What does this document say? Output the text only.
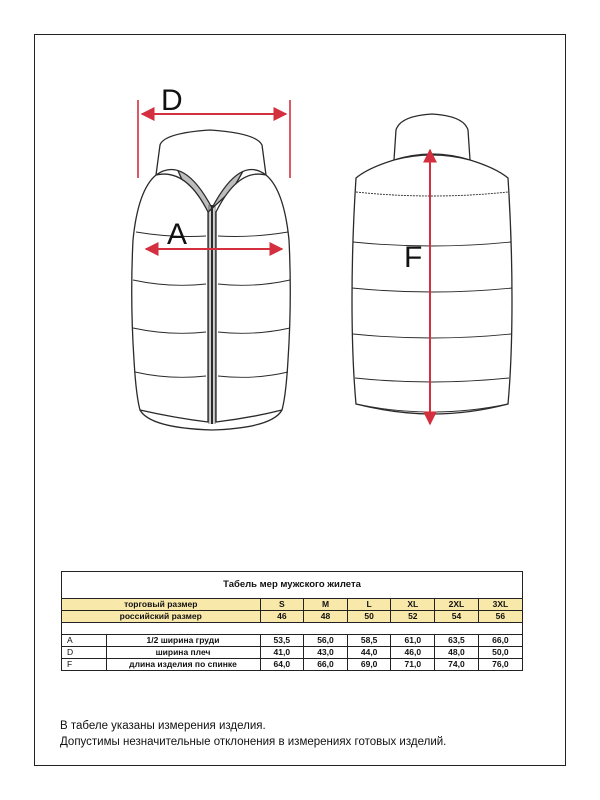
D
A
F
Табель мер мужского жилета
торговый размер		S	M	L	XL	2XL	3XL
российский размер		46	48	50	52	54	56

A	1/2 ширина груди	53,5	56,0	58,5	61,0	63,5	66,0
D	ширина плеч	41,0	43,0	44,0	46,0	48,0	50,0
F	длина изделия по спинке	64,0	66,0	69,0	71,0	74,0	76,0

В табеле указаны измерения изделия.

Допустимы незначительные отклонения в измерениях готовых изделий.
